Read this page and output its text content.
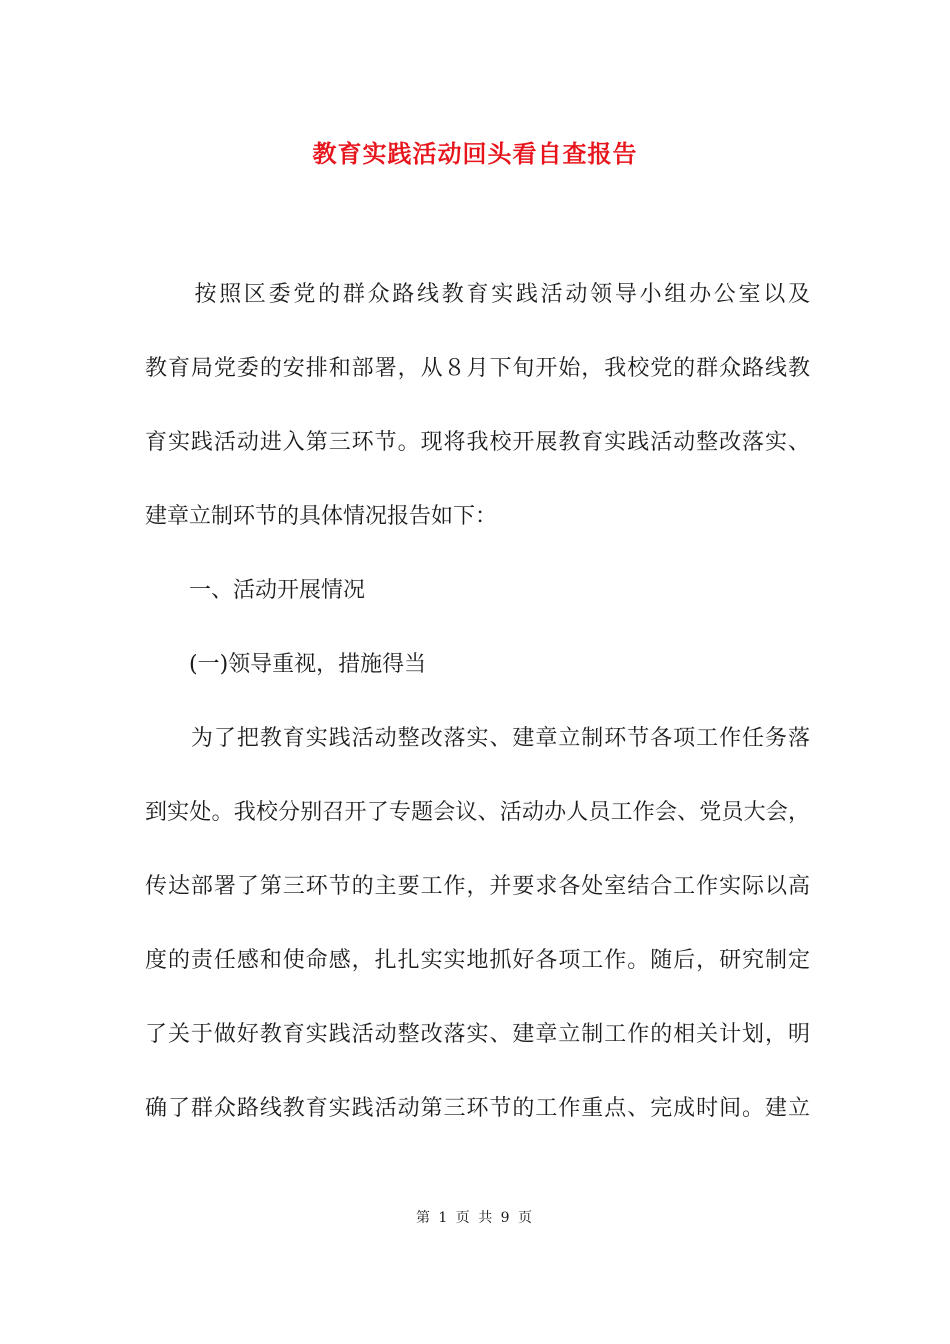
教育实践活动回头看自查报告
　　按照区委党的群众路线教育实践活动领导小组办公室以及
教育局党委的安排和部署，从８月下旬开始，我校党的群众路线教
育实践活动进入第三环节。现将我校开展教育实践活动整改落实、
建章立制环节的具体情况报告如下：
　　一、活动开展情况
　　(一)领导重视，措施得当
　　为了把教育实践活动整改落实、建章立制环节各项工作任务落
到实处。我校分别召开了专题会议、活动办人员工作会、党员大会，
传达部署了第三环节的主要工作，并要求各处室结合工作实际以高
度的责任感和使命感，扎扎实实地抓好各项工作。随后，研究制定
了关于做好教育实践活动整改落实、建章立制工作的相关计划，明
确了群众路线教育实践活动第三环节的工作重点、完成时间。建立
第 1 页 共 9 页
